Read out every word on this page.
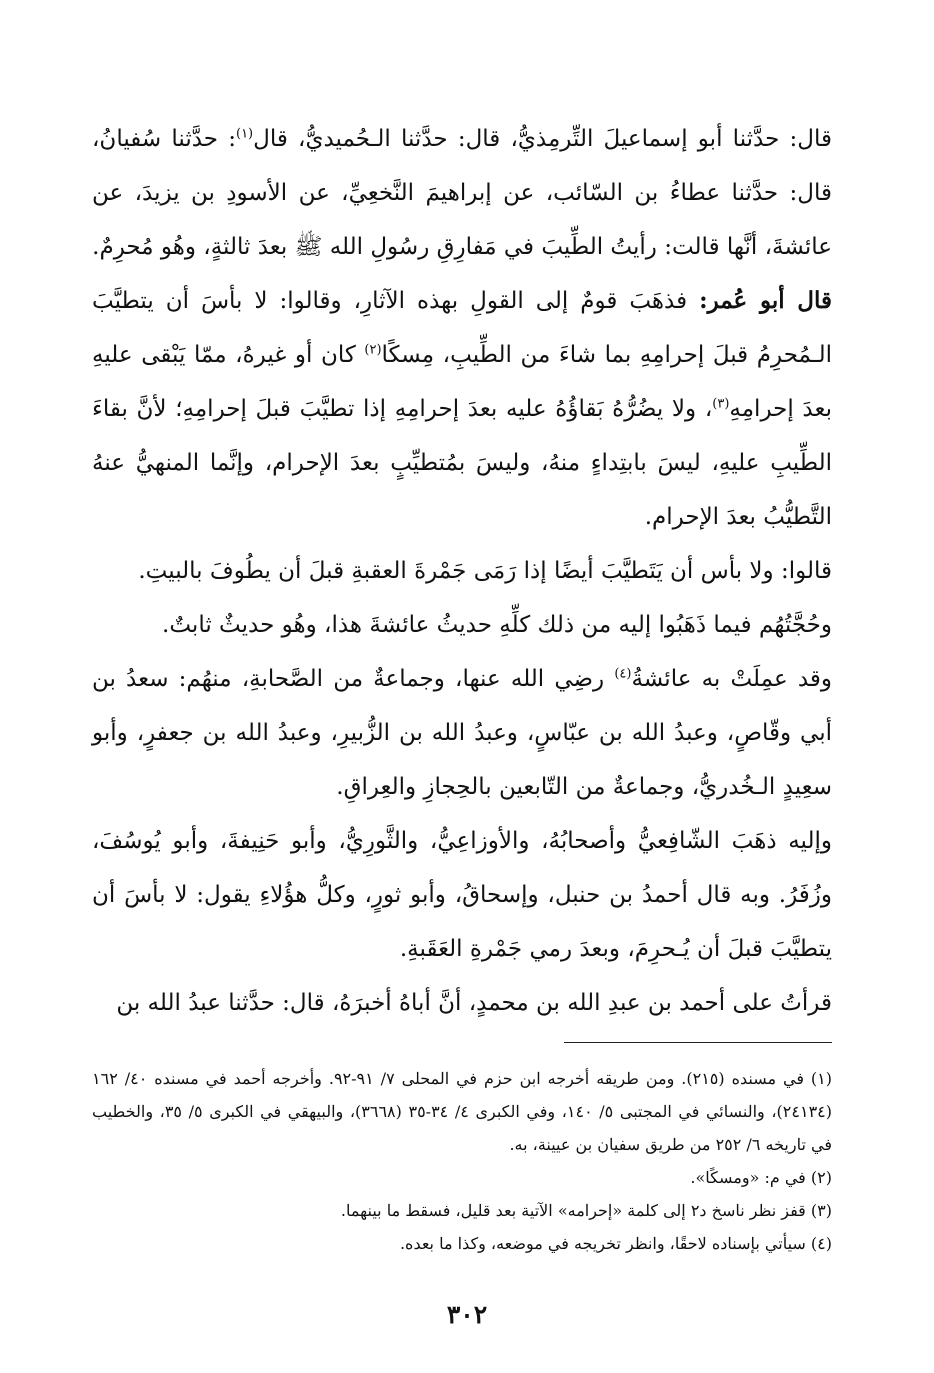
قال: حدَّثنا أبو إسماعيلَ التِّرمِذيُّ، قال: حدَّثنا الـحُميديُّ، قال$^{(١)}$: حدَّثنا سُفيانُ، قال: حدَّثنا عطاءُ بن السّائب، عن إبراهيمَ النَّخعِيِّ، عن الأسودِ بن يزيدَ، عن عائشةَ، أنَّها قالت: رأيتُ الطِّيبَ في مَفارِقِ رسُولِ الله ﷺ بعدَ ثالثةٍ، وهُو مُحرِمٌ.

قال أبو عُمر: فذهَبَ قومٌ إلى القولِ بهذه الآثارِ، وقالوا: لا بأسَ أن يتطيَّبَ الـمُحرِمُ قبلَ إحرامِهِ بما شاءَ من الطِّيبِ، مِسكًا$^{(٢)}$ كان أو غيرهُ، ممّا يَبْقى عليهِ بعدَ إحرامِهِ$^{(٣)}$، ولا يضُرُّهُ بَقاؤُهُ عليه بعدَ إحرامِهِ إذا تطيَّبَ قبلَ إحرامِهِ؛ لأنَّ بقاءَ الطِّيبِ عليهِ، ليسَ بابتِداءٍ منهُ، وليسَ بمُتطيِّبٍ بعدَ الإحرام، وإنَّما المنهيُّ عنهُ التَّطيُّبُ بعدَ الإحرام.

قالوا: ولا بأس أن يَتَطيَّبَ أيضًا إذا رَمَى جَمْرةَ العقبةِ قبلَ أن يطُوفَ بالبيتِ.

وحُجَّتُهُم فيما ذَهَبُوا إليه من ذلك كلِّهِ حديثُ عائشةَ هذا، وهُو حديثٌ ثابتٌ.

وقد عمِلَتْ به عائشةُ$^{(٤)}$ رضِي الله عنها، وجماعةٌ من الصَّحابةِ، منهُم: سعدُ بن أبي وقّاصٍ، وعبدُ الله بن عبّاسٍ، وعبدُ الله بن الزُّبيرِ، وعبدُ الله بن جعفرٍ، وأبو سعِيدٍ الـخُدريُّ، وجماعةٌ من التّابعين بالحِجازِ والعِراقِ.

وإليه ذهَبَ الشّافِعيُّ وأصحابُهُ، والأوزاعِيُّ، والثَّورِيُّ، وأبو حَنِيفةَ، وأبو يُوسُفَ، وزُفَرُ. وبه قال أحمدُ بن حنبل، وإسحاقُ، وأبو ثورٍ، وكلُّ هؤُلاءِ يقول: لا بأسَ أن يتطيَّبَ قبلَ أن يُـحرِمَ، وبعدَ رمي جَمْرةِ العَقَبةِ.

قرأتُ على أحمد بن عبدِ الله بن محمدٍ، أنَّ أباهُ أخبرَهُ، قال: حدَّثنا عبدُ الله بن

(١) في مسنده (٢١٥). ومن طريقه أخرجه ابن حزم في المحلى ٧/ ٩١-٩٢. وأخرجه أحمد في مسنده ٤٠/ ١٦٢ (٢٤١٣٤)، والنسائي في المجتبى ٥/ ١٤٠، وفي الكبرى ٤/ ٣٤-٣٥ (٣٦٦٨)، والبيهقي في الكبرى ٥/ ٣٥، والخطيب في تاريخه ٦/ ٢٥٢ من طريق سفيان بن عيينة، به.
(٢) في م: «ومسكًا».
(٣) قفز نظر ناسخ د٢ إلى كلمة «إحرامه» الآتية بعد قليل، فسقط ما بينهما.
(٤) سيأتي بإسناده لاحقًا، وانظر تخريجه في موضعه، وكذا ما بعده.
٣٠٢
